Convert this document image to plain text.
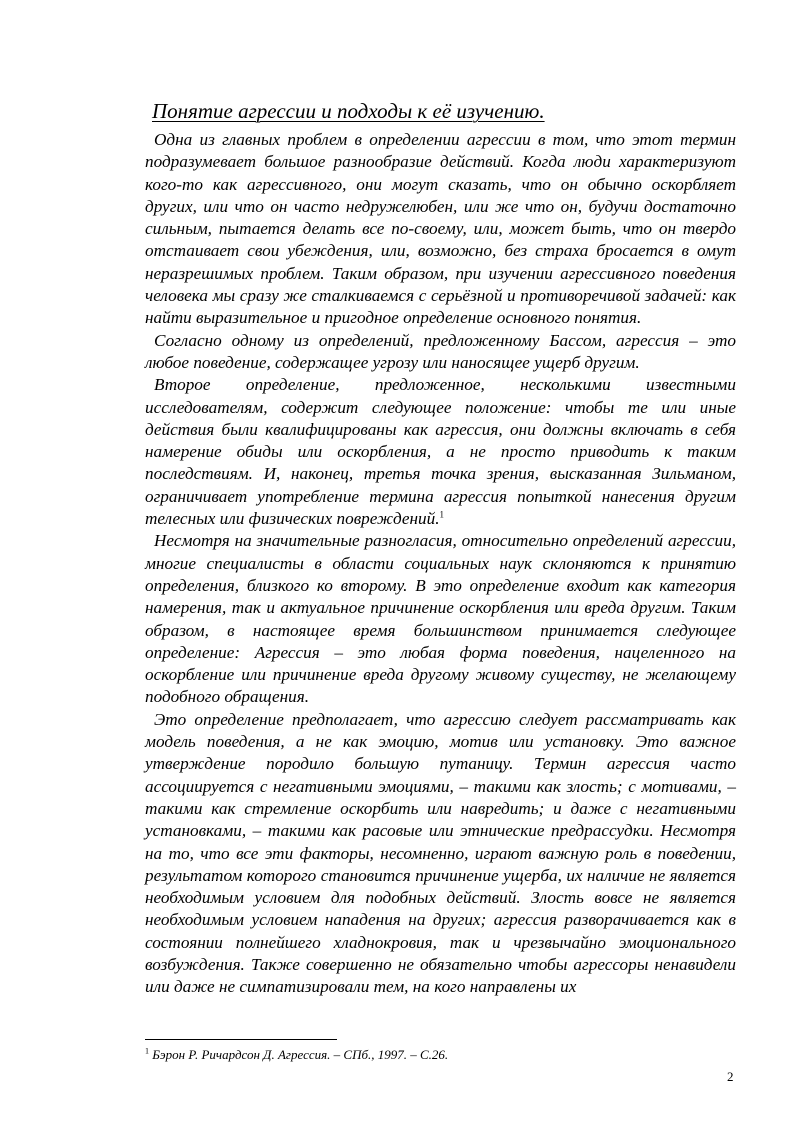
Понятие агрессии и подходы к её изучению.

Одна из главных проблем в определении агрессии в том, что этот термин подразумевает большое разнообразие действий. Когда люди характеризуют кого-то как агрессивного, они могут сказать, что он обычно оскорбляет других, или что он часто недружелюбен, или же что он, будучи достаточно сильным, пытается делать все по-своему, или, может быть, что он твердо отстаивает свои убеждения, или, возможно, без страха бросается в омут неразрешимых проблем. Таким образом, при изучении агрессивного поведения человека мы сразу же сталкиваемся с серьёзной и противоречивой задачей: как найти выразительное и пригодное определение основного понятия.

Согласно одному из определений, предложенному Бассом, агрессия – это любое поведение, содержащее угрозу или наносящее ущерб другим.

Второе определение, предложенное, несколькими известными исследователям, содержит следующее положение: чтобы те или иные действия были квалифицированы как агрессия, они должны включать в себя намерение обиды или оскорбления, а не просто приводить к таким последствиям. И, наконец, третья точка зрения, высказанная Зильманом, ограничивает употребление термина агрессия попыткой нанесения другим телесных или физических повреждений.$^1$

Несмотря на значительные разногласия, относительно определений агрессии, многие специалисты в области социальных наук склоняются к принятию определения, близкого ко второму. В это определение входит как категория намерения, так и актуальное причинение оскорбления или вреда другим. Таким образом, в настоящее время большинством принимается следующее определение: Агрессия – это любая форма поведения, нацеленного на оскорбление или причинение вреда другому живому существу, не желающему подобного обращения.

Это определение предполагает, что агрессию следует рассматривать как модель поведения, а не как эмоцию, мотив или установку. Это важное утверждение породило большую путаницу. Термин агрессия часто ассоциируется с негативными эмоциями, – такими как злость; с мотивами, – такими как стремление оскорбить или навредить; и даже с негативными установками, – такими как расовые или этнические предрассудки. Несмотря на то, что все эти факторы, несомненно, играют важную роль в поведении, результатом которого становится причинение ущерба, их наличие не является необходимым условием для подобных действий. Злость вовсе не является необходимым условием нападения на других; агрессия разворачивается как в состоянии полнейшего хладнокровия, так и чрезвычайно эмоционального возбуждения. Также совершенно не обязательно чтобы агрессоры ненавидели или даже не симпатизировали тем, на кого направлены их

$^1$ Бэрон Р. Ричардсон Д. Агрессия. – СПб., 1997. – С.26.
2
